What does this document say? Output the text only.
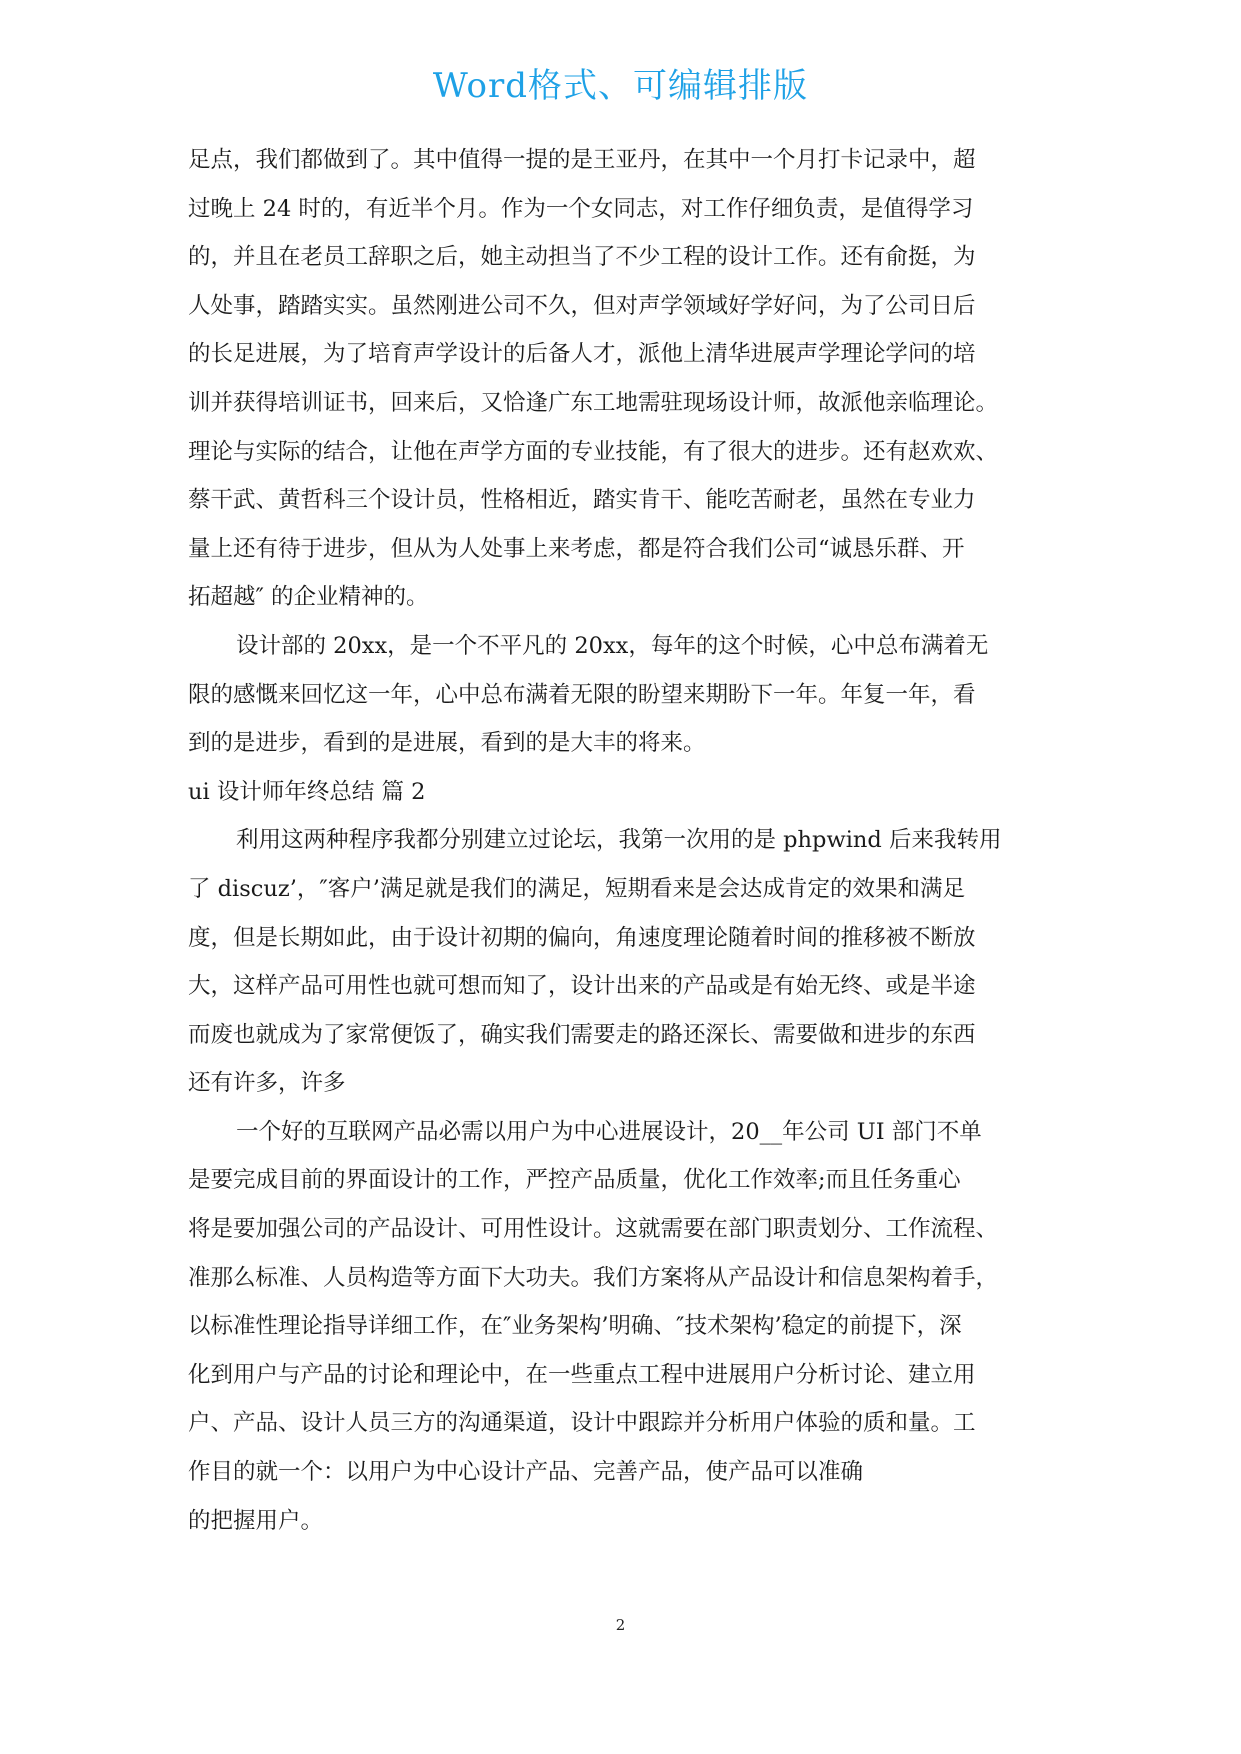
Word格式、可编辑排版
足点，我们都做到了。其中值得一提的是王亚丹，在其中一个月打卡记录中，超
过晚上 24 时的，有近半个月。作为一个女同志，对工作仔细负责，是值得学习
的，并且在老员工辞职之后，她主动担当了不少工程的设计工作。还有俞挺，为
人处事，踏踏实实。虽然刚进公司不久，但对声学领域好学好问，为了公司日后
的长足进展，为了培育声学设计的后备人才，派他上清华进展声学理论学问的培
训并获得培训证书，回来后，又恰逢广东工地需驻现场设计师，故派他亲临理论。
理论与实际的结合，让他在声学方面的专业技能，有了很大的进步。还有赵欢欢、
蔡干武、黄哲科三个设计员，性格相近，踏实肯干、能吃苦耐老，虽然在专业力
量上还有待于进步，但从为人处事上来考虑，都是符合我们公司“诚恳乐群、开
拓超越″ 的企业精神的。
设计部的 20xx，是一个不平凡的 20xx，每年的这个时候，心中总布满着无
限的感慨来回忆这一年，心中总布满着无限的盼望来期盼下一年。年复一年，看
到的是进步，看到的是进展，看到的是大丰的将来。
ui 设计师年终总结 篇 2
利用这两种程序我都分别建立过论坛，我第一次用的是 phpwind 后来我转用
了 discuz’，″客户’满足就是我们的满足，短期看来是会达成肯定的效果和满足
度，但是长期如此，由于设计初期的偏向，角速度理论随着时间的推移被不断放
大，这样产品可用性也就可想而知了，设计出来的产品或是有始无终、或是半途
而废也就成为了家常便饭了，确实我们需要走的路还深长、需要做和进步的东西
还有许多，许多
一个好的互联网产品必需以用户为中心进展设计，20__年公司 UI 部门不单
是要完成目前的界面设计的工作，严控产品质量，优化工作效率;而且任务重心
将是要加强公司的产品设计、可用性设计。这就需要在部门职责划分、工作流程、
准那么标准、人员构造等方面下大功夫。我们方案将从产品设计和信息架构着手，
以标准性理论指导详细工作，在″业务架构’明确、″技术架构’稳定的前提下，深
化到用户与产品的讨论和理论中，在一些重点工程中进展用户分析讨论、建立用
户、产品、设计人员三方的沟通渠道，设计中跟踪并分析用户体验的质和量。工
作目的就一个：以用户为中心设计产品、完善产品，使产品可以准确
的把握用户。
2
